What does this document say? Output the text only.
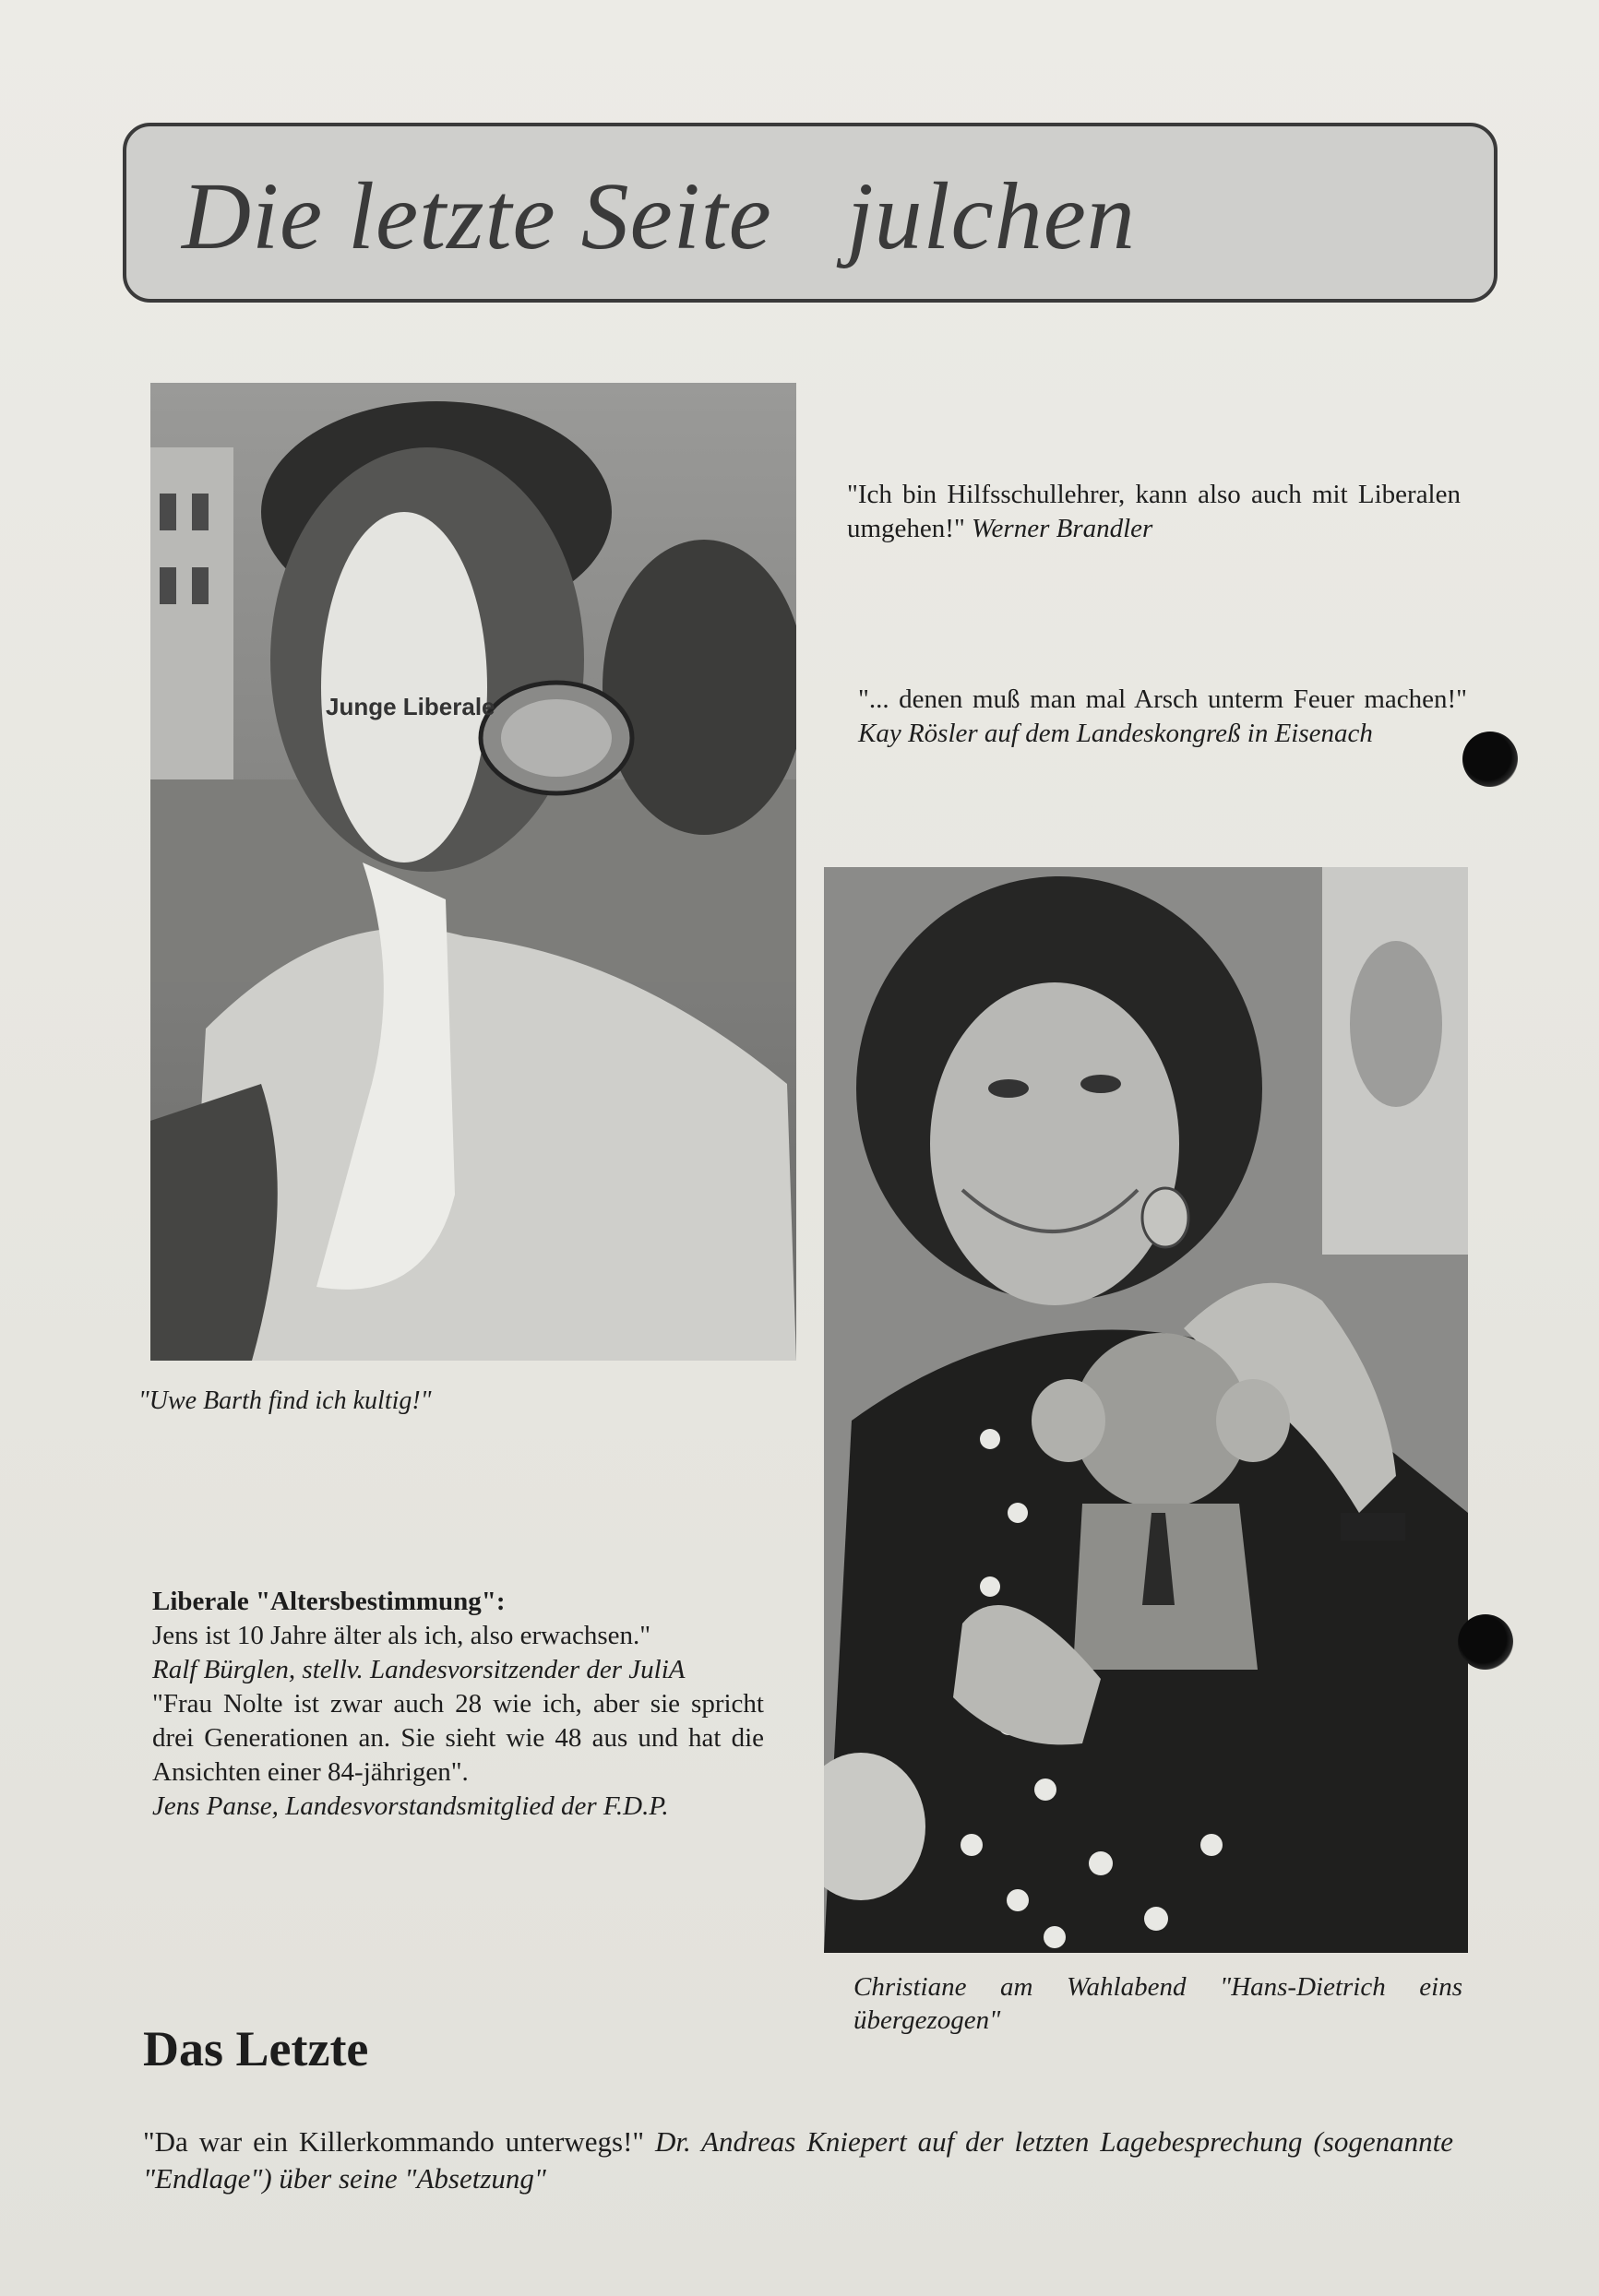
Die letzte Seite   julchen
Junge Liberale
"Uwe Barth find ich kultig!"
"Ich bin Hilfsschullehrer, kann also auch mit Liberalen umgehen!" Werner Brandler
"... denen muß man mal Arsch unterm Feuer machen!" Kay Rösler auf dem Landeskongreß in Eisenach
Christiane am Wahlabend "Hans-Dietrich eins übergezogen"
Liberale "Altersbestimmung":
Jens ist 10 Jahre älter als ich, also erwachsen."
Ralf Bürglen, stellv. Landesvorsitzender der JuliA
"Frau Nolte ist zwar auch 28 wie ich, aber sie spricht drei Generationen an. Sie sieht wie 48 aus und hat die Ansichten einer 84-jährigen".
Jens Panse, Landesvorstandsmitglied der F.D.P.
Das Letzte
"Da war ein Killerkommando unterwegs!" Dr. Andreas Kniepert auf der letzten Lagebesprechung (sogenannte "Endlage") über seine "Absetzung"
